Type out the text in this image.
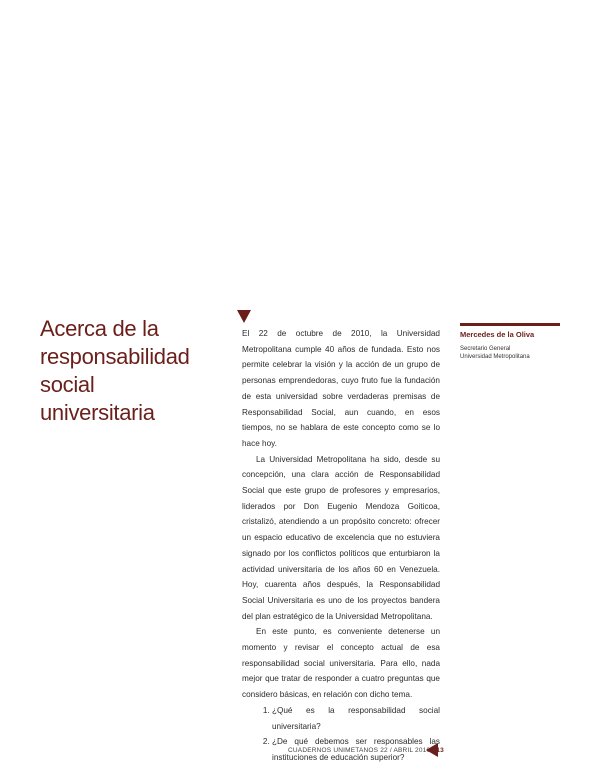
Acerca de la responsabilidad social universitaria

El 22 de octubre de 2010, la Universidad Metropolitana cumple 40 años de fundada. Esto nos permite celebrar la visión y la acción de un grupo de personas emprendedoras, cuyo fruto fue la fundación de esta universidad sobre verdaderas premisas de Responsabilidad Social, aun cuando, en esos tiempos, no se hablara de este concepto como se lo hace hoy.

La Universidad Metropolitana ha sido, desde su concepción, una clara acción de Responsabilidad Social que este grupo de profesores y empresarios, liderados por Don Eugenio Mendoza Goiticoa, cristalizó, atendiendo a un propósito concreto: ofrecer un espacio educativo de excelencia que no estuviera signado por los conflictos políticos que enturbiaron la actividad universitaria de los años 60 en Venezuela. Hoy, cuarenta años después, la Responsabilidad Social Universitaria es uno de los proyectos bandera del plan estratégico de la Universidad Metropolitana.

En este punto, es conveniente detenerse un momento y revisar el concepto actual de esa responsabilidad social universitaria. Para ello, nada mejor que tratar de responder a cuatro preguntas que considero básicas, en relación con dicho tema.

1. ¿Qué es la responsabilidad social universitaria?
2. ¿De qué debemos ser responsables las instituciones de educación superior?
Mercedes de la Oliva
Secretario General
Universidad Metropolitana
CUADERNOS UNIMETANOS 22 / ABRIL 2010 / 13
